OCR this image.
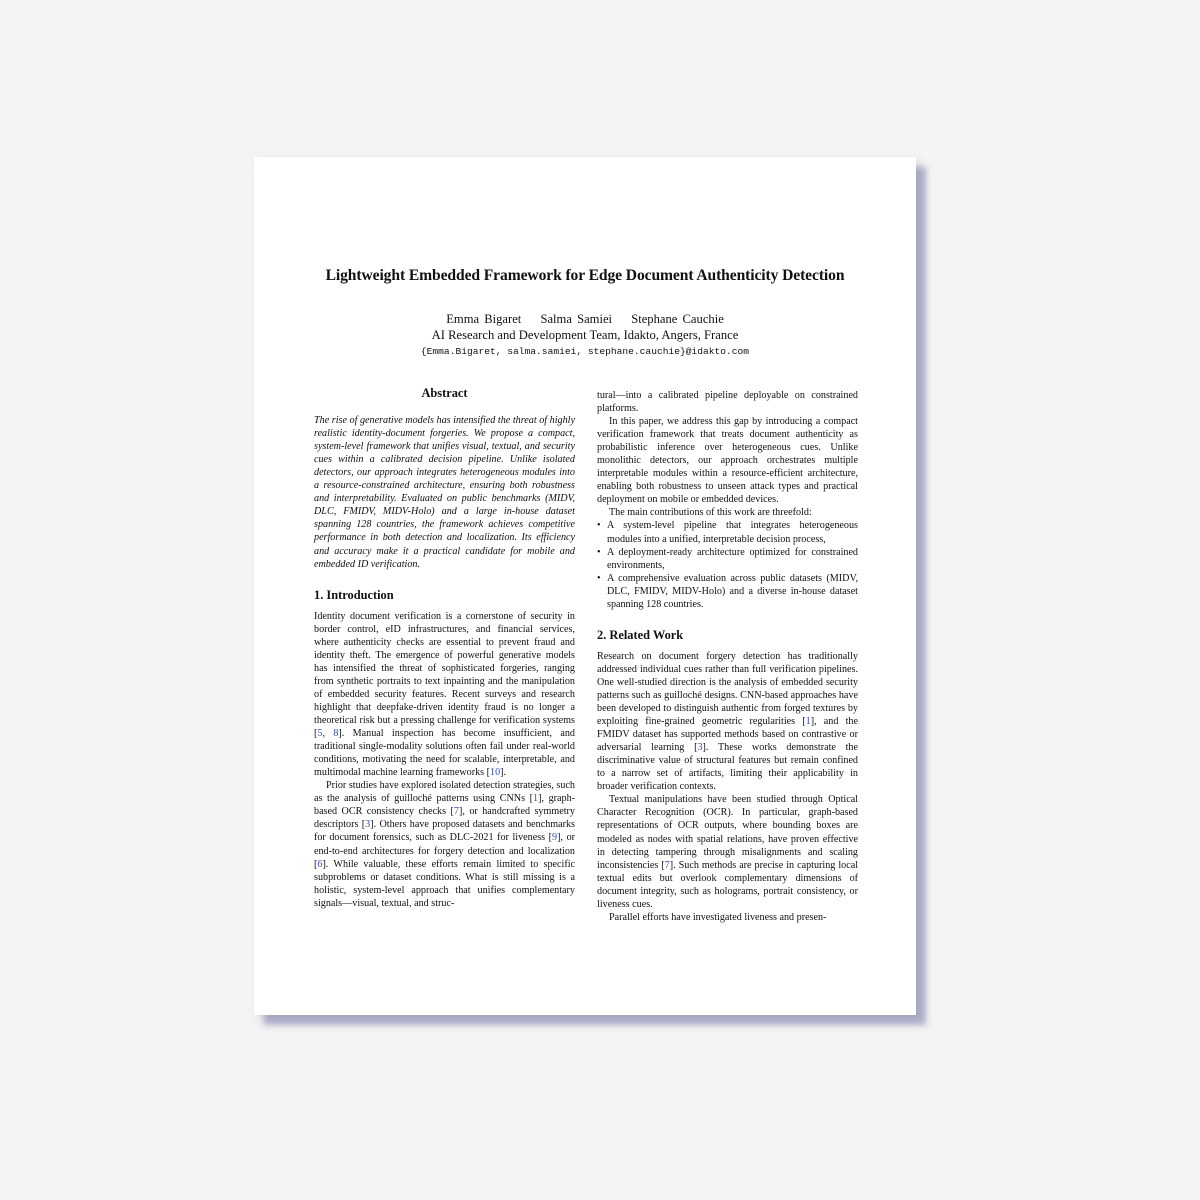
Lightweight Embedded Framework for Edge Document Authenticity Detection
Emma Bigaret Salma Samiei Stephane Cauchie
AI Research and Development Team, Idakto, Angers, France
{Emma.Bigaret, salma.samiei, stephane.cauchie}@idakto.com
Abstract

The rise of generative models has intensified the threat of highly realistic identity-document forgeries. We propose a compact, system-level framework that unifies visual, textual, and security cues within a calibrated decision pipeline. Unlike isolated detectors, our approach integrates heterogeneous modules into a resource-constrained architecture, ensuring both robustness and interpretability. Evaluated on public benchmarks (MIDV, DLC, FMIDV, MIDV-Holo) and a large in-house dataset spanning 128 countries, the framework achieves competitive performance in both detection and localization. Its efficiency and accuracy make it a practical candidate for mobile and embedded ID verification.

1. Introduction

Identity document verification is a cornerstone of security in border control, eID infrastructures, and financial services, where authenticity checks are essential to prevent fraud and identity theft. The emergence of powerful generative models has intensified the threat of sophisticated forgeries, ranging from synthetic portraits to text inpainting and the manipulation of embedded security features. Recent surveys and research highlight that deepfake-driven identity fraud is no longer a theoretical risk but a pressing challenge for verification systems [5, 8]. Manual inspection has become insufficient, and traditional single-modality solutions often fail under real-world conditions, motivating the need for scalable, interpretable, and multimodal machine learning frameworks [10].

Prior studies have explored isolated detection strategies, such as the analysis of guilloché patterns using CNNs [1], graph-based OCR consistency checks [7], or handcrafted symmetry descriptors [3]. Others have proposed datasets and benchmarks for document forensics, such as DLC-2021 for liveness [9], or end-to-end architectures for forgery detection and localization [6]. While valuable, these efforts remain limited to specific subproblems or dataset conditions. What is still missing is a holistic, system-level approach that unifies complementary signals—visual, textual, and struc-

tural—into a calibrated pipeline deployable on constrained platforms.

In this paper, we address this gap by introducing a compact verification framework that treats document authenticity as probabilistic inference over heterogeneous cues. Unlike monolithic detectors, our approach orchestrates multiple interpretable modules within a resource-efficient architecture, enabling both robustness to unseen attack types and practical deployment on mobile or embedded devices.

The main contributions of this work are threefold:

• A system-level pipeline that integrates heterogeneous modules into a unified, interpretable decision process,
• A deployment-ready architecture optimized for constrained environments,
• A comprehensive evaluation across public datasets (MIDV, DLC, FMIDV, MIDV-Holo) and a diverse in-house dataset spanning 128 countries.
2. Related Work

Research on document forgery detection has traditionally addressed individual cues rather than full verification pipelines. One well-studied direction is the analysis of embedded security patterns such as guilloché designs. CNN-based approaches have been developed to distinguish authentic from forged textures by exploiting fine-grained geometric regularities [1], and the FMIDV dataset has supported methods based on contrastive or adversarial learning [3]. These works demonstrate the discriminative value of structural features but remain confined to a narrow set of artifacts, limiting their applicability in broader verification contexts.

Textual manipulations have been studied through Optical Character Recognition (OCR). In particular, graph-based representations of OCR outputs, where bounding boxes are modeled as nodes with spatial relations, have proven effective in detecting tampering through misalignments and scaling inconsistencies [7]. Such methods are precise in capturing local textual edits but overlook complementary dimensions of document integrity, such as holograms, portrait consistency, or liveness cues.

Parallel efforts have investigated liveness and presen-
